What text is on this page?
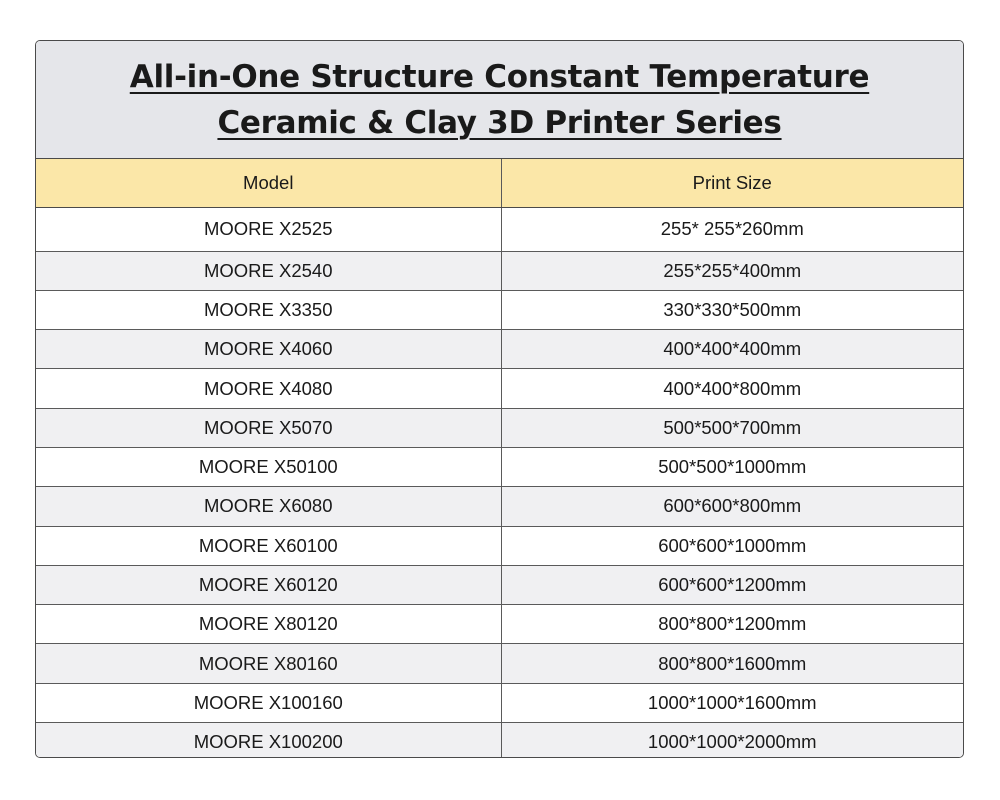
All-in-One Structure Constant Temperature
Ceramic & Clay 3D Printer Series
Model	Print Size
MOORE X2525	255* 255*260mm
MOORE X2540	255*255*400mm
MOORE X3350	330*330*500mm
MOORE X4060	400*400*400mm
MOORE X4080	400*400*800mm
MOORE X5070	500*500*700mm
MOORE X50100	500*500*1000mm
MOORE X6080	600*600*800mm
MOORE X60100	600*600*1000mm
MOORE X60120	600*600*1200mm
MOORE X80120	800*800*1200mm
MOORE X80160	800*800*1600mm
MOORE X100160	1000*1000*1600mm
MOORE X100200	1000*1000*2000mm
